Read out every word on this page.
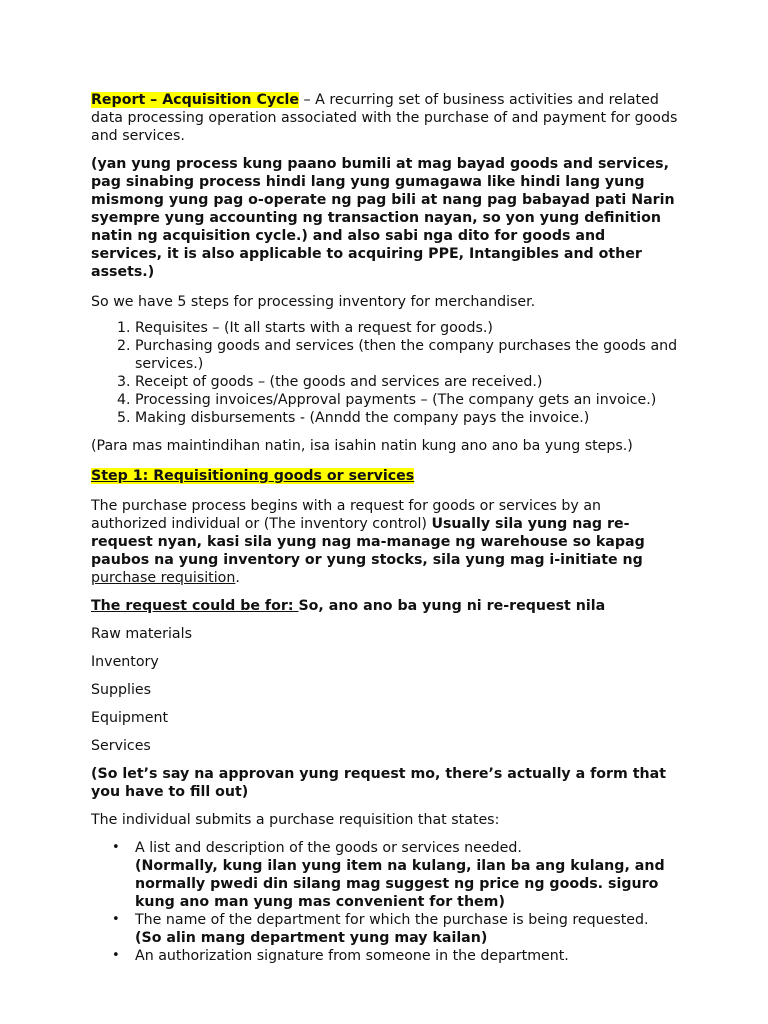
Report – Acquisition Cycle – A recurring set of business activities and related data processing operation associated with the purchase of and payment for goods and services.

(yan yung process kung paano bumili at mag bayad goods and services, pag sinabing process hindi lang yung gumagawa like hindi lang yung mismong yung pag o-operate ng pag bili at nang pag babayad pati Narin syempre yung accounting ng transaction nayan, so yon yung definition natin ng acquisition cycle.) and also sabi nga dito for goods and services, it is also applicable to acquiring PPE, Intangibles and other assets.)

So we have 5 steps for processing inventory for merchandiser.

1. Requisites – (It all starts with a request for goods.)
2. Purchasing goods and services (then the company purchases the goods and services.)
3. Receipt of goods – (the goods and services are received.)
4. Processing invoices/Approval payments – (The company gets an invoice.)
5. Making disbursements - (Anndd the company pays the invoice.)

(Para mas maintindihan natin, isa isahin natin kung ano ano ba yung steps.)

Step 1: Requisitioning goods or services

The purchase process begins with a request for goods or services by an authorized individual or (The inventory control) Usually sila yung nag re-request nyan, kasi sila yung nag ma-manage ng warehouse so kapag paubos na yung inventory or yung stocks, sila yung mag i-initiate ng purchase requisition.

The request could be for: So, ano ano ba yung ni re-request nila

Raw materials

Inventory

Supplies

Equipment

Services

(So let’s say na approvan yung request mo, there’s actually a form that you have to fill out)

The individual submits a purchase requisition that states:

• A list and description of the goods or services needed.
(Normally, kung ilan yung item na kulang, ilan ba ang kulang, and normally pwedi din silang mag suggest ng price ng goods. siguro kung ano man yung mas convenient for them)
• The name of the department for which the purchase is being requested.
(So alin mang department yung may kailan)
• An authorization signature from someone in the department.
